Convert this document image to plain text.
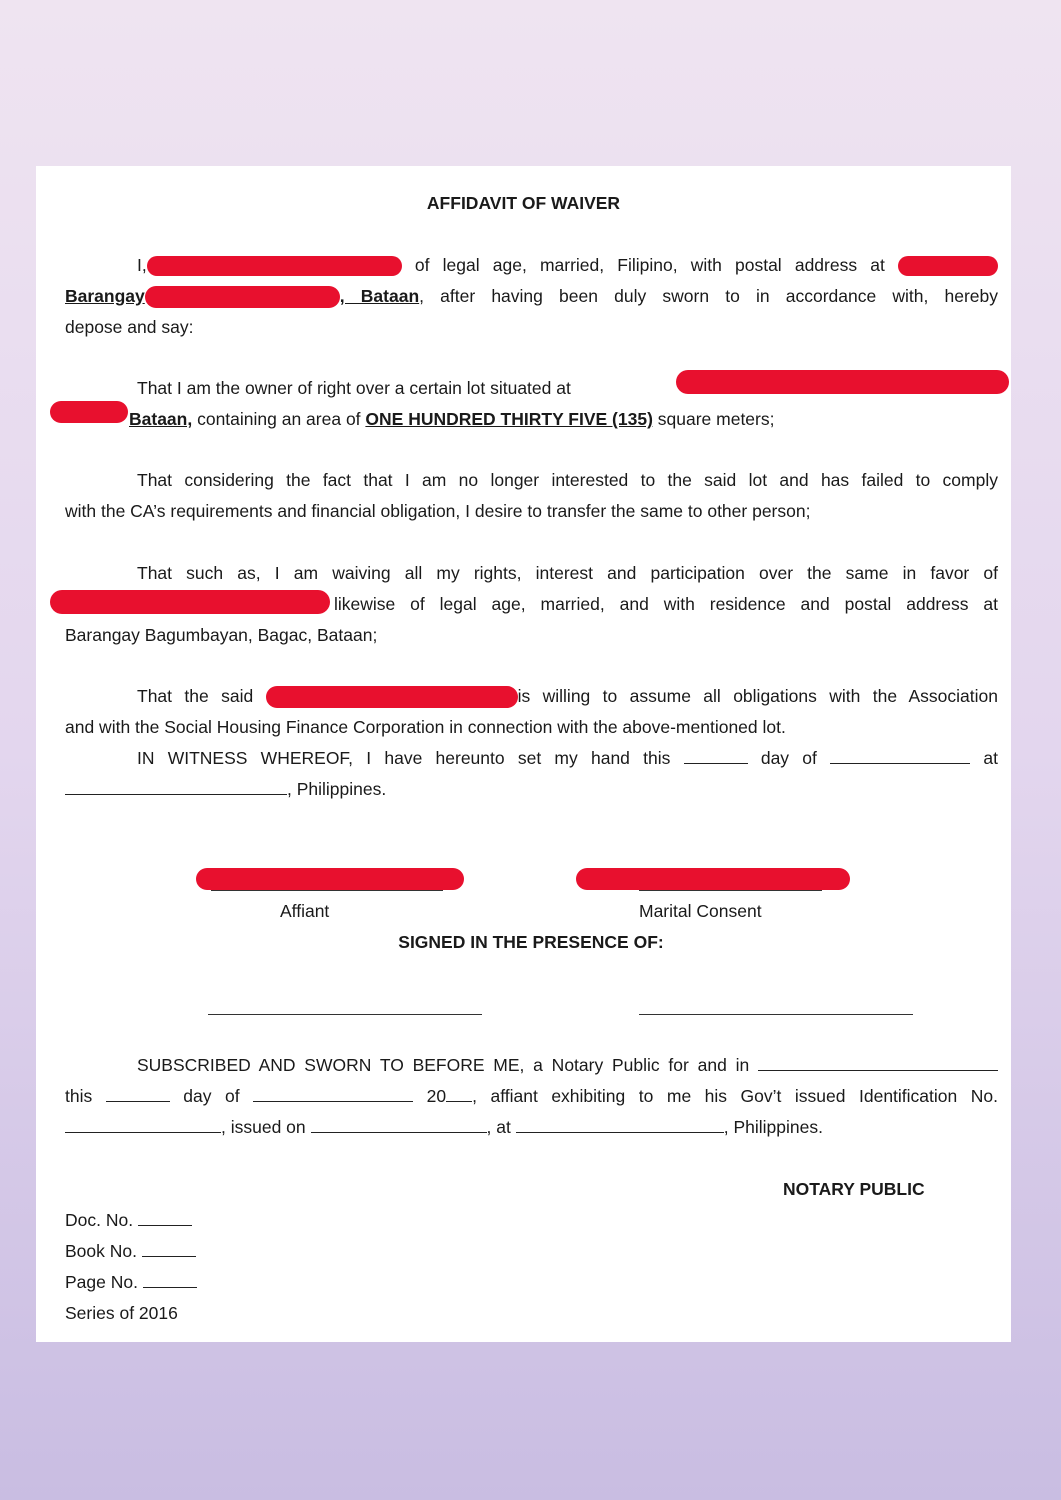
AFFIDAVIT OF WAIVER
I,	of legal age, married, Filipino, with postal address at
Barangay	, Bataan, after having been duly sworn to in accordance with, hereby
depose and say:
That I am the owner of right over a certain lot situated at
Bataan, containing an area of ONE HUNDRED THIRTY FIVE (135) square meters;
That considering the fact that I am no longer interested to the said lot and has failed to comply
with the CA’s requirements and financial obligation, I desire to transfer the same to other person;
That such as, I am waiving all my rights, interest and participation over the same in favor of
likewise of legal age, married, and with residence and postal address at
Barangay Bagumbayan, Bagac, Bataan;
That the said	is willing to assume all obligations with the Association
and with the Social Housing Finance Corporation in connection with the above-mentioned lot.
IN WITNESS WHEREOF, I have hereunto set my hand this	day of	at
, Philippines.
Affiant	Marital Consent
SIGNED IN THE PRESENCE OF:
SUBSCRIBED AND SWORN TO BEFORE ME, a Notary Public for and in
this	day of	20 , affiant exhibiting to me his Gov’t issued Identification No.
, issued on	, at	, Philippines.
NOTARY PUBLIC
Doc. No.
Book No.
Page No.
Series of 2016
